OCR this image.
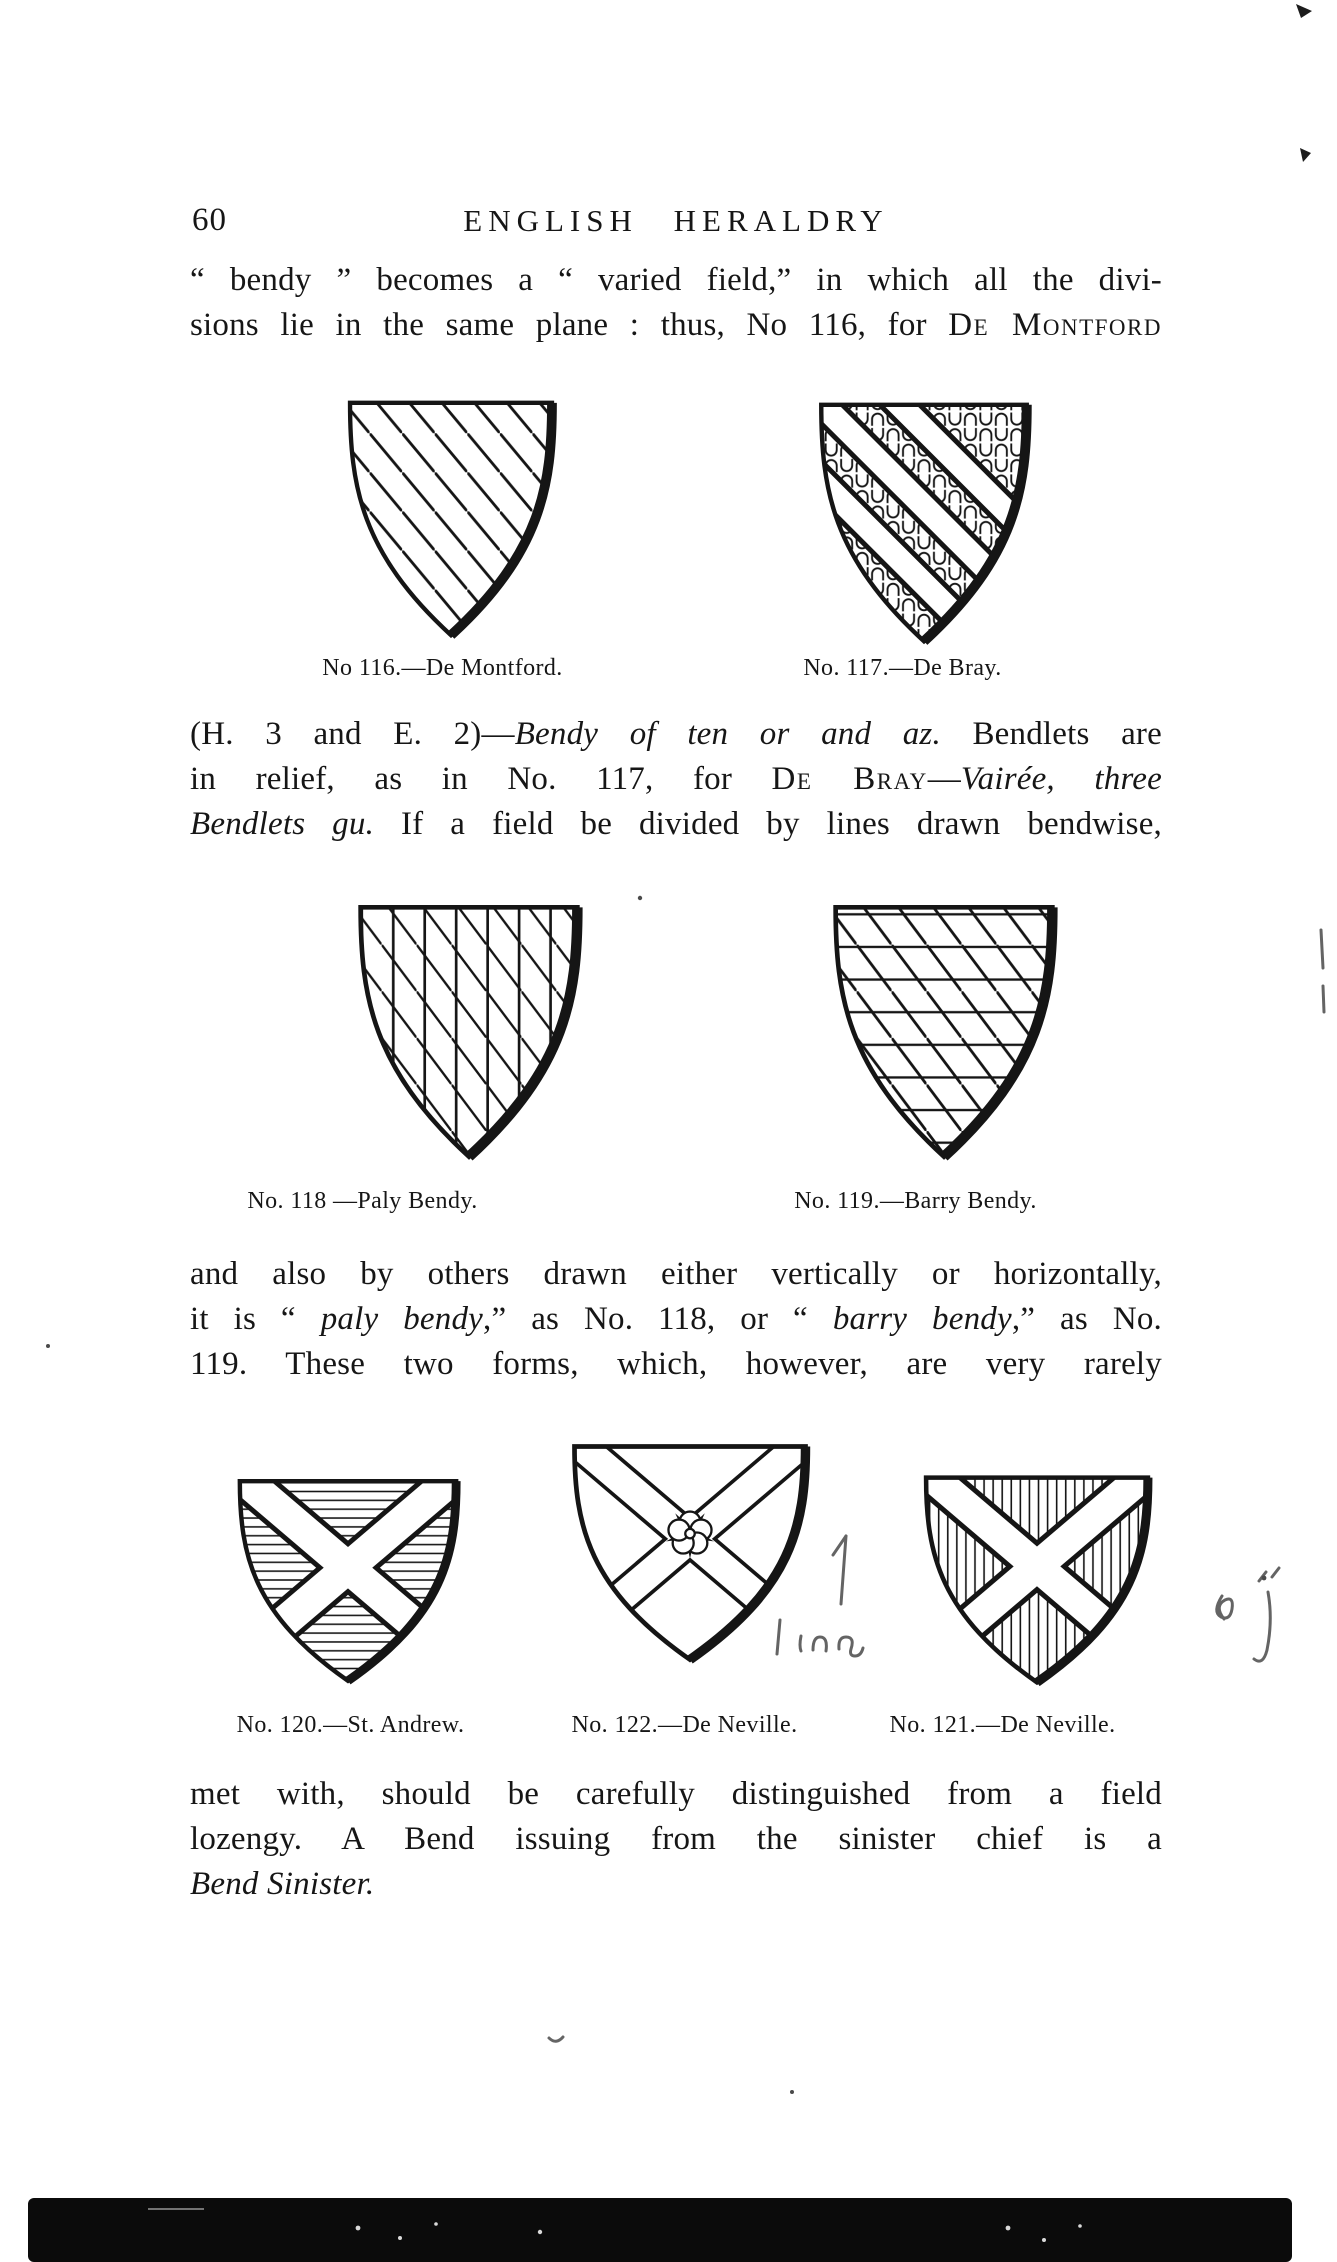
60	ENGLISH HERALDRY
“ bendy ” becomes a “ varied field,” in which all the divi-
sions lie in the same plane : thus, No 116, for De Montford
(H. 3 and E. 2)—Bendy of ten or and az. Bendlets are
in relief, as in No. 117, for De Bray—Vairée, three
Bendlets gu. If a field be divided by lines drawn bendwise,
and also by others drawn either vertically or horizontally,
it is “ paly bendy,” as No. 118, or “ barry bendy,” as No.
119. These two forms, which, however, are very rarely
met with, should be carefully distinguished from a field
lozengy. A Bend issuing from the sinister chief is a
Bend Sinister.
No 116.—De Montford.	No. 117.—De Bray.
No. 118 —Paly Bendy.	No. 119.—Barry Bendy.
No. 120.—St. Andrew.	No. 122.—De Neville.	No. 121.—De Neville.
